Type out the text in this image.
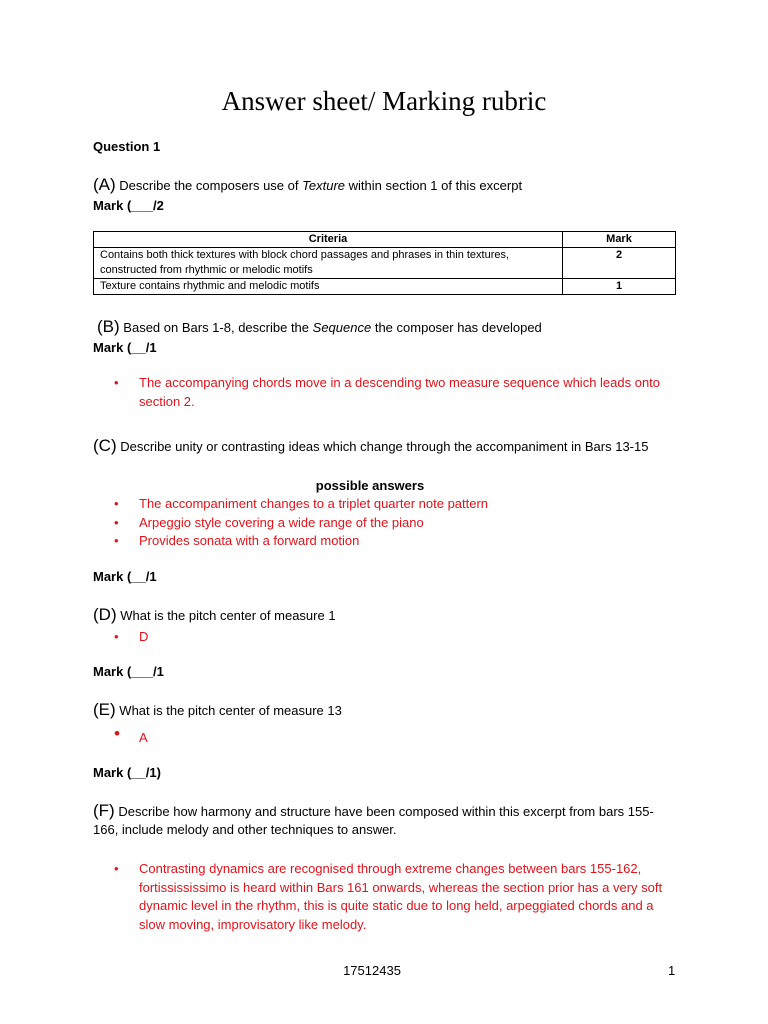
Answer sheet/ Marking rubric
Question 1
(A) Describe the composers use of Texture within section 1 of this excerpt
Mark (___/2
Criteria	Mark
Contains both thick textures with block chord passages and phrases in thin textures, constructed from rhythmic or melodic motifs	2
Texture contains rhythmic and melodic motifs	1
(B) Based on Bars 1-8, describe the Sequence the composer has developed
Mark (__/1
• The accompanying chords move in a descending two measure sequence which leads onto section 2.
(C) Describe unity or contrasting ideas which change through the accompaniment in Bars 13-15
possible answers
• The accompaniment changes to a triplet quarter note pattern
• Arpeggio style covering a wide range of the piano
• Provides sonata with a forward motion
Mark (__/1
(D) What is the pitch center of measure 1
• D
Mark (___/1
(E) What is the pitch center of measure 13
• A
Mark (__/1)
(F) Describe how harmony and structure have been composed within this excerpt from bars 155-166, include melody and other techniques to answer.
• Contrasting dynamics are recognised through extreme changes between bars 155-162, fortissississimo is heard within Bars 161 onwards, whereas the section prior has a very soft dynamic level in the rhythm, this is quite static due to long held, arpeggiated chords and a slow moving, improvisatory like melody.
17512435	1
